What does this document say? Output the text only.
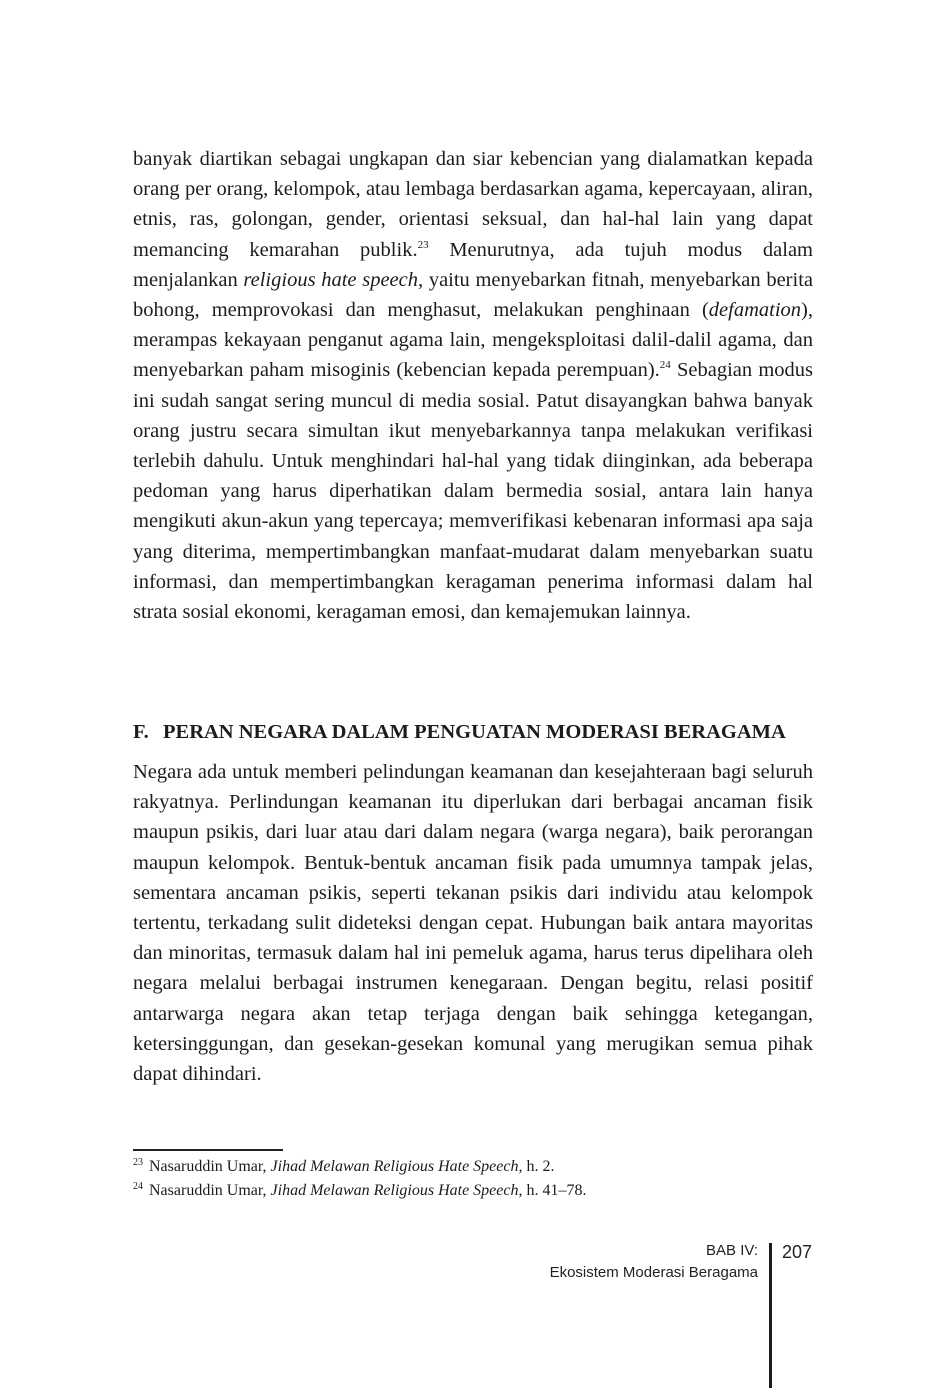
banyak diartikan sebagai ungkapan dan siar kebencian yang dialamatkan kepada orang per orang, kelompok, atau lembaga berdasarkan agama, kepercayaan, aliran, etnis, ras, golongan, gender, orientasi seksual, dan hal-hal lain yang dapat memancing kemarahan publik.$^{23}$ Menurutnya, ada tujuh modus dalam menjalankan religious hate speech, yaitu menyebarkan fitnah, menyebarkan berita bohong, memprovokasi dan menghasut, melakukan penghinaan (defamation), merampas kekayaan penganut agama lain, mengeksploitasi dalil-dalil agama, dan menyebarkan paham misoginis (kebencian kepada perempuan).$^{24}$ Sebagian modus ini sudah sangat sering muncul di media sosial. Patut disayangkan bahwa banyak orang justru secara simultan ikut menyebarkannya tanpa melakukan verifikasi terlebih dahulu. Untuk menghindari hal-hal yang tidak diinginkan, ada beberapa pedoman yang harus diperhatikan dalam bermedia sosial, antara lain hanya mengikuti akun-akun yang tepercaya; memverifikasi kebenaran informasi apa saja yang diterima, mempertimbangkan manfaat-mudarat dalam menyebarkan suatu informasi, dan mempertimbangkan keragaman penerima informasi dalam hal strata sosial ekonomi, keragaman emosi, dan kemajemukan lainnya.

F. PERAN NEGARA DALAM PENGUATAN MODERASI BERAGAMA

Negara ada untuk memberi pelindungan keamanan dan kesejahteraan bagi seluruh rakyatnya. Perlindungan keamanan itu diperlukan dari berbagai ancaman fisik maupun psikis, dari luar atau dari dalam negara (warga negara), baik perorangan maupun kelompok. Bentuk-bentuk ancaman fisik pada umumnya tampak jelas, sementara ancaman psikis, seperti tekanan psikis dari individu atau kelompok tertentu, terkadang sulit dideteksi dengan cepat. Hubungan baik antara mayoritas dan minoritas, termasuk dalam hal ini pemeluk agama, harus terus dipelihara oleh negara melalui berbagai instrumen kenegaraan. Dengan begitu, relasi positif antarwarga negara akan tetap terjaga dengan baik sehingga ketegangan, ketersinggungan, dan gesekan-gesekan komunal yang merugikan semua pihak dapat dihindari.

$^{23}$ Nasaruddin Umar, Jihad Melawan Religious Hate Speech, h. 2.
$^{24}$ Nasaruddin Umar, Jihad Melawan Religious Hate Speech, h. 41–78.
BAB IV:
Ekosistem Moderasi Beragama
207
